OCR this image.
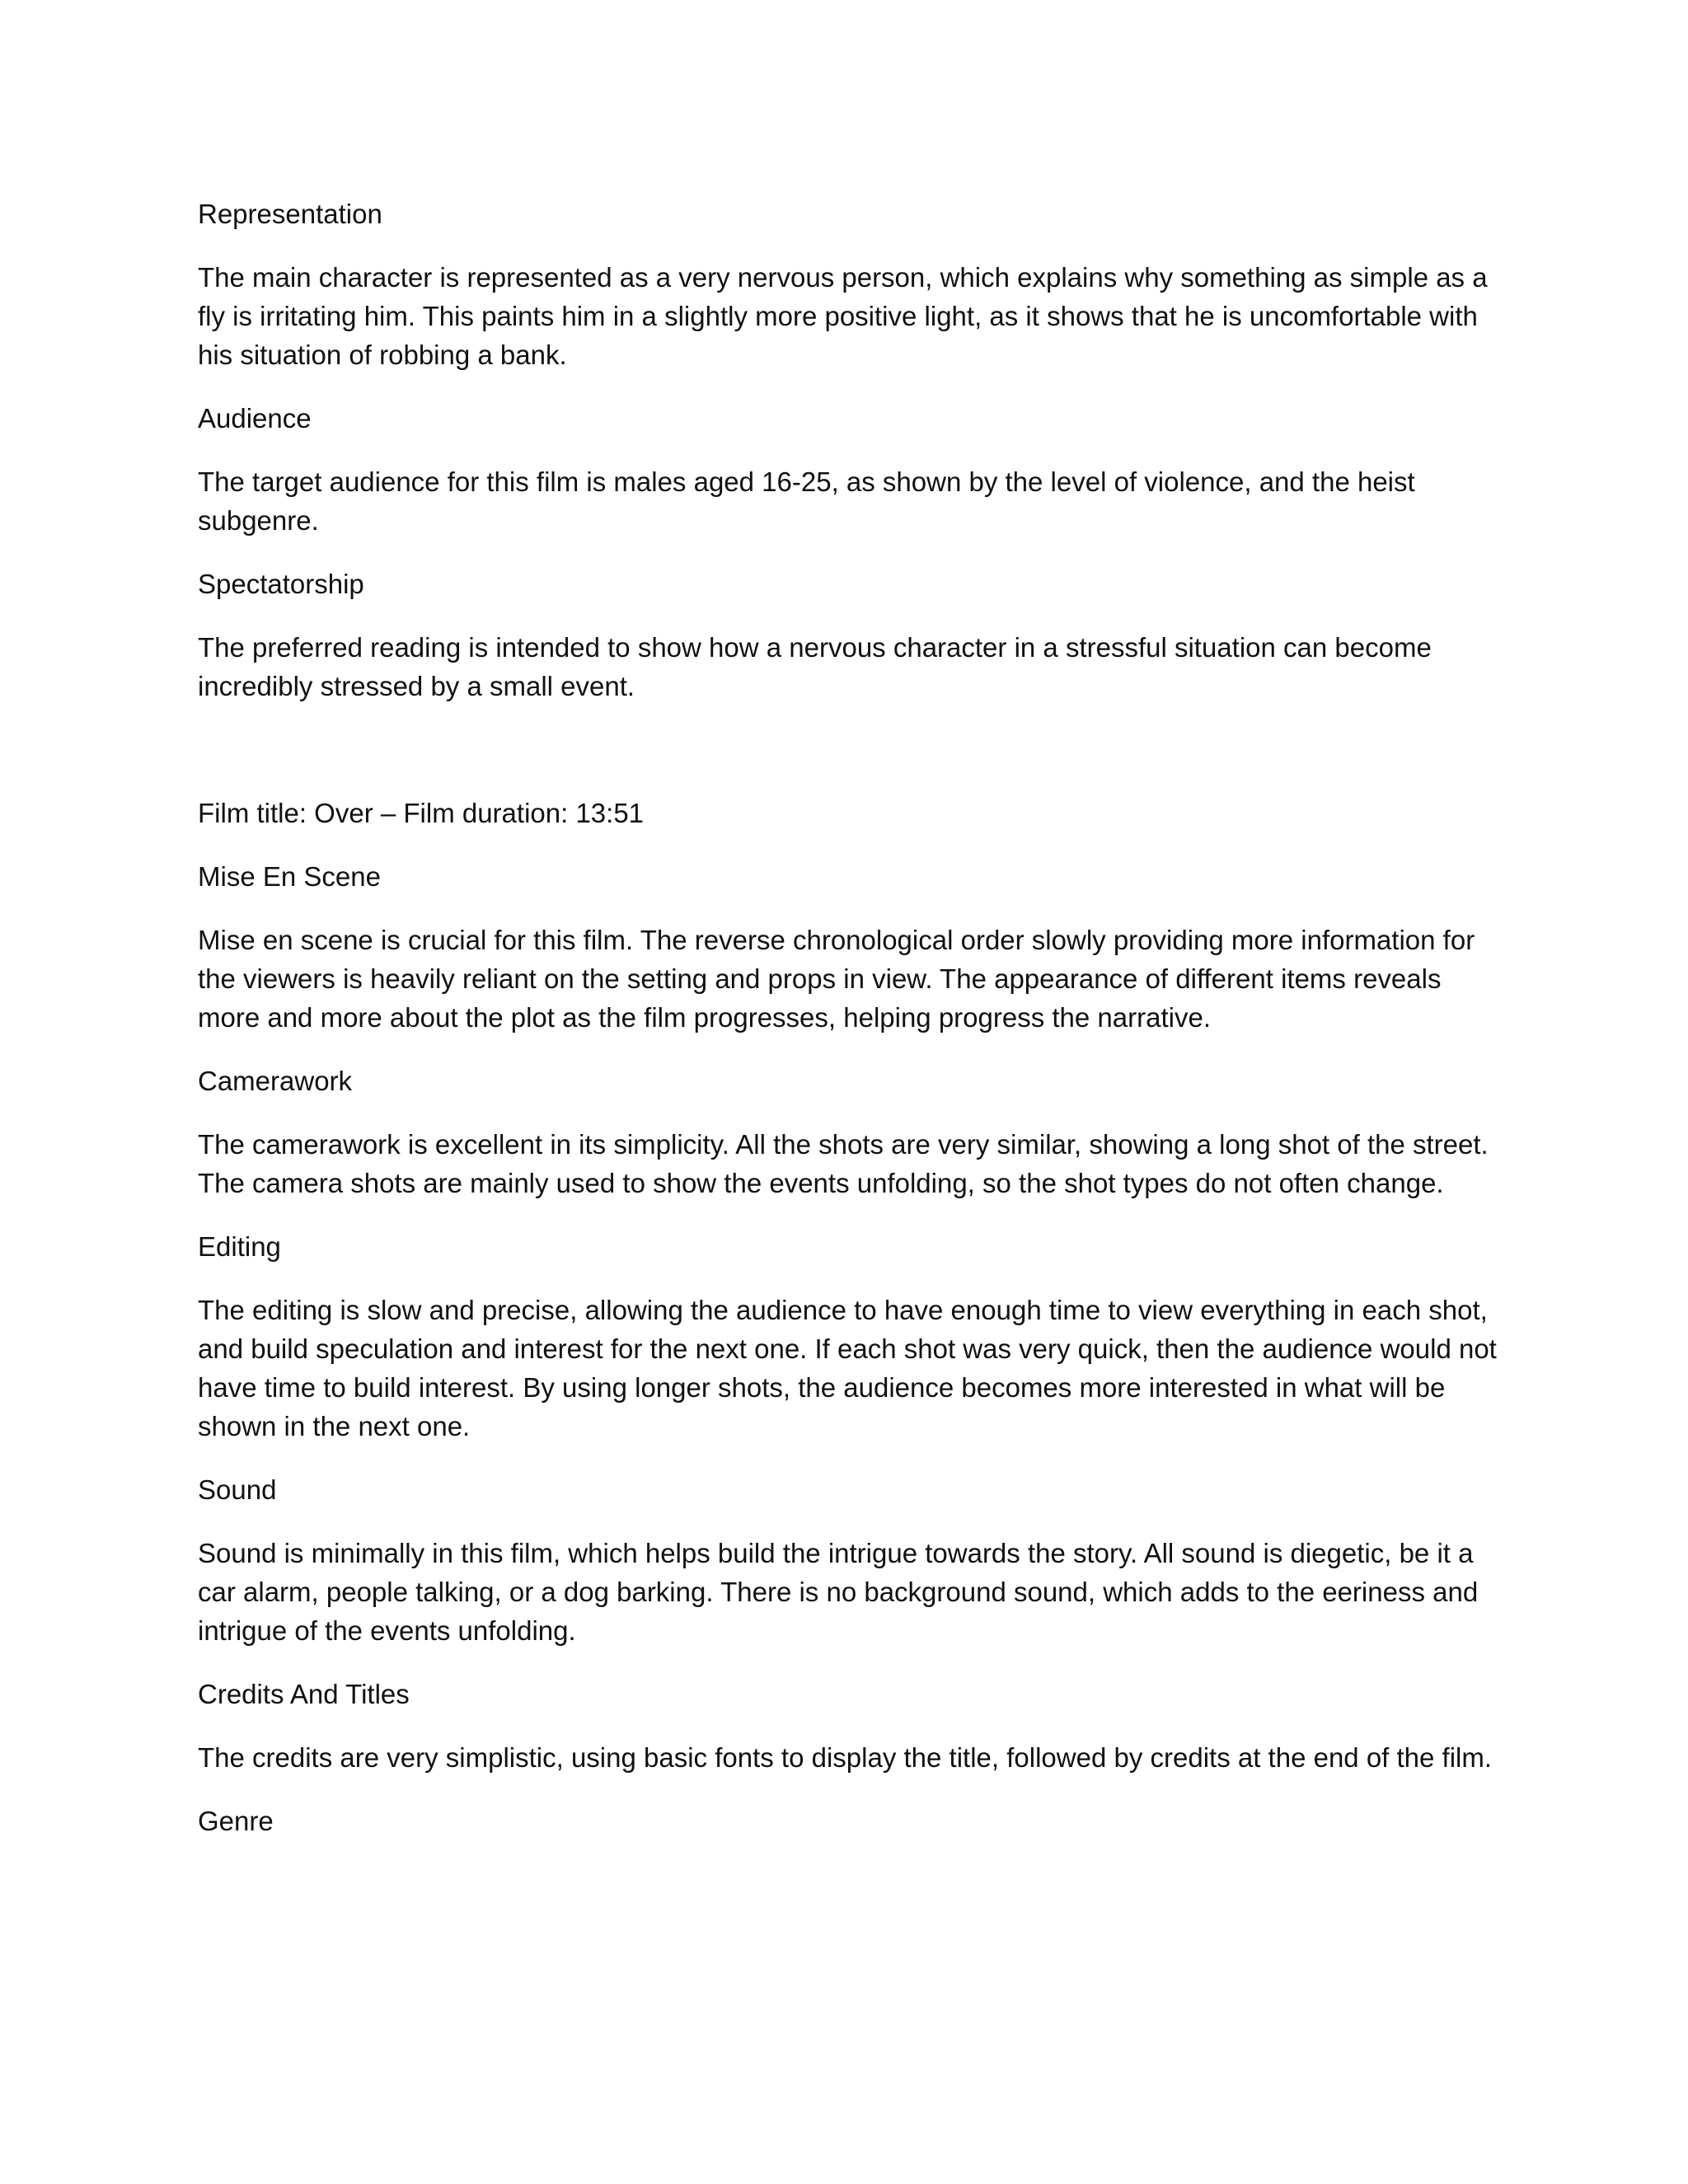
Representation

The main character is represented as a very nervous person, which explains why something as simple as a fly is irritating him. This paints him in a slightly more positive light, as it shows that he is uncomfortable with his situation of robbing a bank.

Audience

The target audience for this film is males aged 16-25, as shown by the level of violence, and the heist subgenre.

Spectatorship

The preferred reading is intended to show how a nervous character in a stressful situation can become incredibly stressed by a small event.

Film title: Over – Film duration: 13:51

Mise En Scene

Mise en scene is crucial for this film. The reverse chronological order slowly providing more information for the viewers is heavily reliant on the setting and props in view. The appearance of different items reveals more and more about the plot as the film progresses, helping progress the narrative.

Camerawork

The camerawork is excellent in its simplicity. All the shots are very similar, showing a long shot of the street. The camera shots are mainly used to show the events unfolding, so the shot types do not often change.

Editing

The editing is slow and precise, allowing the audience to have enough time to view everything in each shot, and build speculation and interest for the next one. If each shot was very quick, then the audience would not have time to build interest. By using longer shots, the audience becomes more interested in what will be shown in the next one.

Sound

Sound is minimally in this film, which helps build the intrigue towards the story. All sound is diegetic, be it a car alarm, people talking, or a dog barking. There is no background sound, which adds to the eeriness and intrigue of the events unfolding.

Credits And Titles

The credits are very simplistic, using basic fonts to display the title, followed by credits at the end of the film.

Genre
